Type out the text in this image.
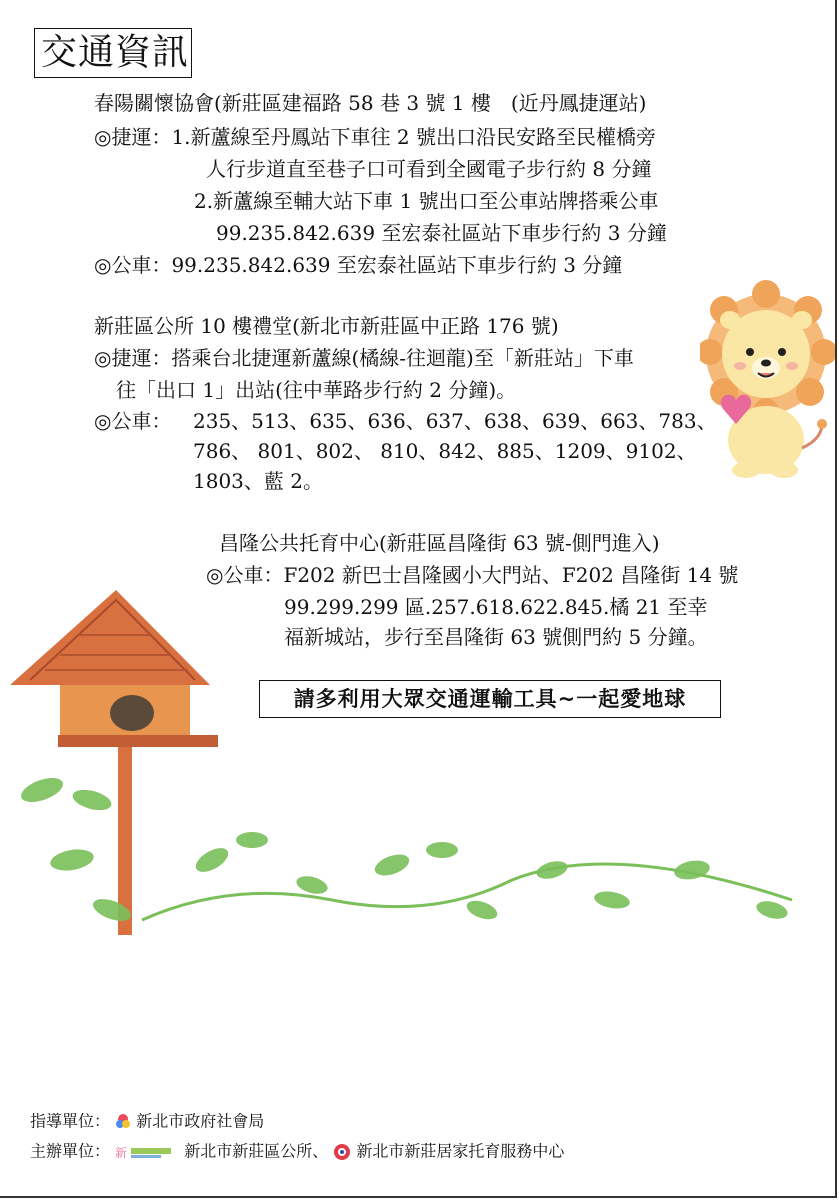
交通資訊
春陽關懷協會(新莊區建福路 58 巷 3 號 1 樓　(近丹鳳捷運站)
◎捷運：1.新蘆線至丹鳳站下車往 2 號出口沿民安路至民權橋旁
人行步道直至巷子口可看到全國電子步行約 8 分鐘
2.新蘆線至輔大站下車 1 號出口至公車站牌搭乘公車
99.235.842.639 至宏泰社區站下車步行約 3 分鐘
◎公車：99.235.842.639 至宏泰社區站下車步行約 3 分鐘
新莊區公所 10 樓禮堂(新北市新莊區中正路 176 號)
◎捷運：搭乘台北捷運新蘆線(橘線-往迴龍)至「新莊站」下車
往「出口 1」出站(往中華路步行約 2 分鐘)。
◎公車： 235、513、635、636、637、638、639、663、783、
786、 801、802、 810、842、885、1209、9102、
1803、藍 2。
昌隆公共托育中心(新莊區昌隆街 63 號-側門進入)
◎公車：F202 新巴士昌隆國小大門站、F202 昌隆街 14 號
99.299.299 區.257.618.622.845.橘 21 至幸
福新城站，步行至昌隆街 63 號側門約 5 分鐘。
請多利用大眾交通運輸工具~一起愛地球
指導單位： 新北市政府社會局
主辦單位： 新	新北市新莊區公所、 新北市新莊居家托育服務中心
